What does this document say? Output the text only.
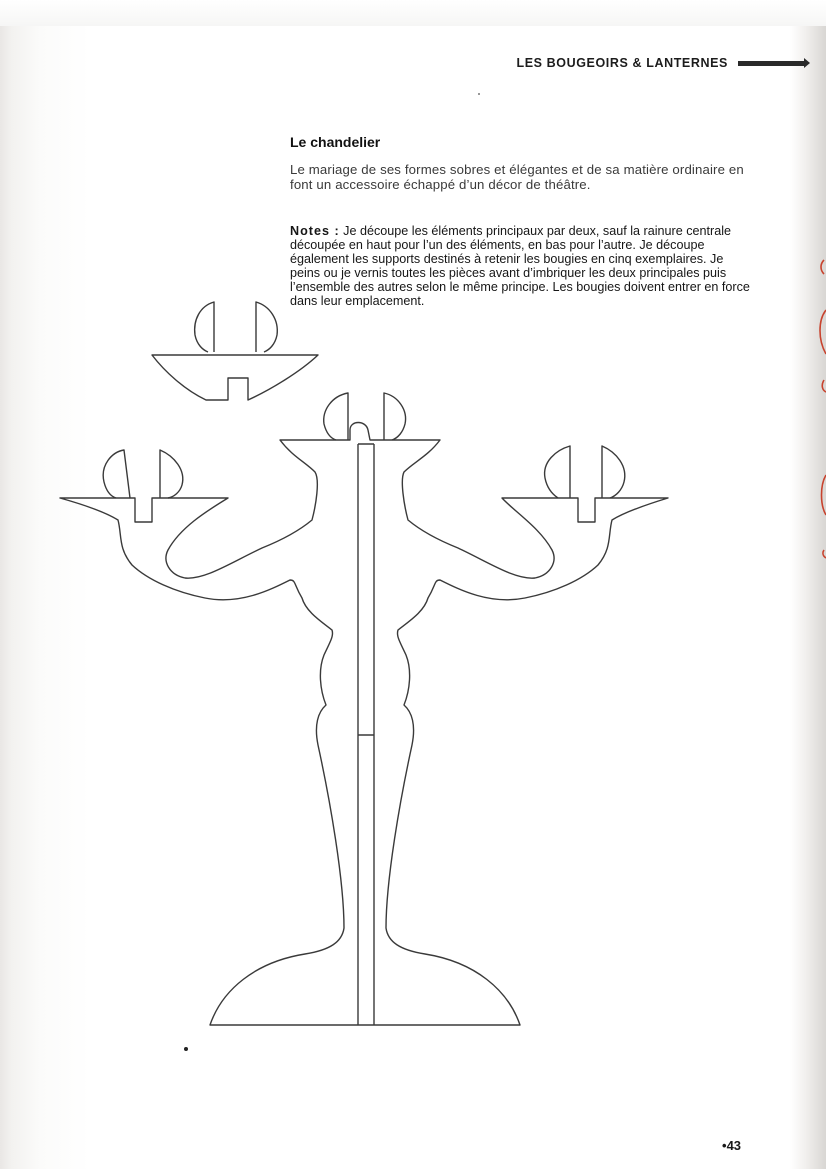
LES BOUGEOIRS & LANTERNES
Le chandelier
Le mariage de ses formes sobres et élégantes et de sa matière ordinaire en font un accessoire échappé d’un décor de théâtre.
Notes : Je découpe les éléments principaux par deux, sauf la rainure centrale découpée en haut pour l’un des éléments, en bas pour l’autre. Je découpe également les supports destinés à retenir les bougies en cinq exemplaires. Je peins ou je vernis toutes les pièces avant d’imbriquer les deux principales puis l’ensemble des autres selon le même principe. Les bougies doivent entrer en force dans leur emplacement.
•43
